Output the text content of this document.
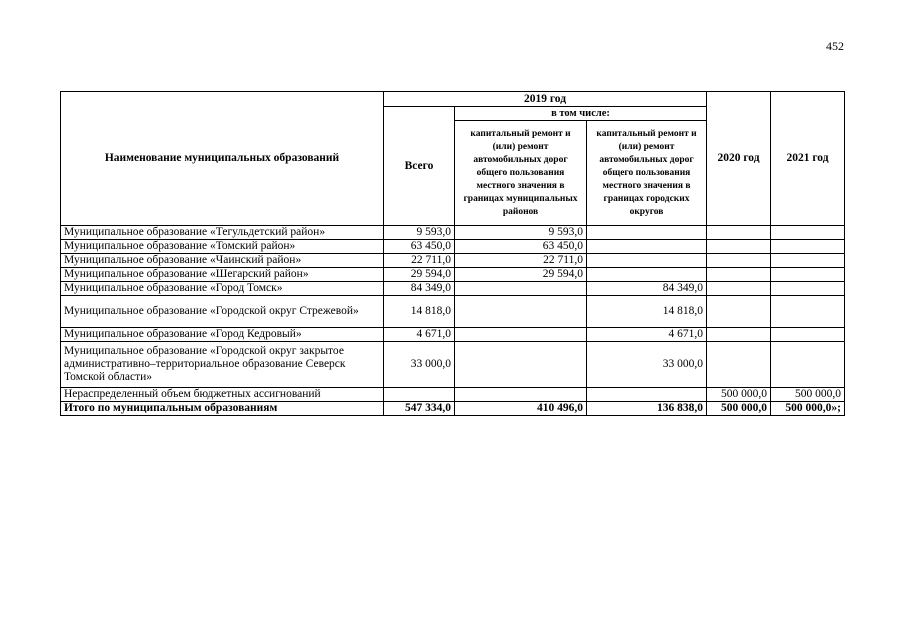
452
Наименование муниципальных образований	2019 год			2020 год	2021 год
	Всего	в том числе:			
		капитальный ремонт и (или) ремонт автомобильных дорог общего пользования местного значения в границах муниципальных районов	капитальный ремонт и (или) ремонт автомобильных дорог общего пользования местного значения в границах городских округов		
Муниципальное образование «Тегульдетский район»	9 593,0	9 593,0			
Муниципальное образование «Томский район»	63 450,0	63 450,0			
Муниципальное образование «Чаинский район»	22 711,0	22 711,0			
Муниципальное образование «Шегарский район»	29 594,0	29 594,0			
Муниципальное образование «Город Томск»	84 349,0		84 349,0		
Муниципальное образование «Городской округ Стрежевой»	14 818,0		14 818,0		
Муниципальное образование «Город Кедровый»	4 671,0		4 671,0		
Муниципальное образование «Городской округ закрытое административно–территориальное образование Северск Томской области»	33 000,0		33 000,0		
Нераспределенный объем бюджетных ассигнований				500 000,0	500 000,0
Итого по муниципальным образованиям	547 334,0	410 496,0	136 838,0	500 000,0	500 000,0»;
